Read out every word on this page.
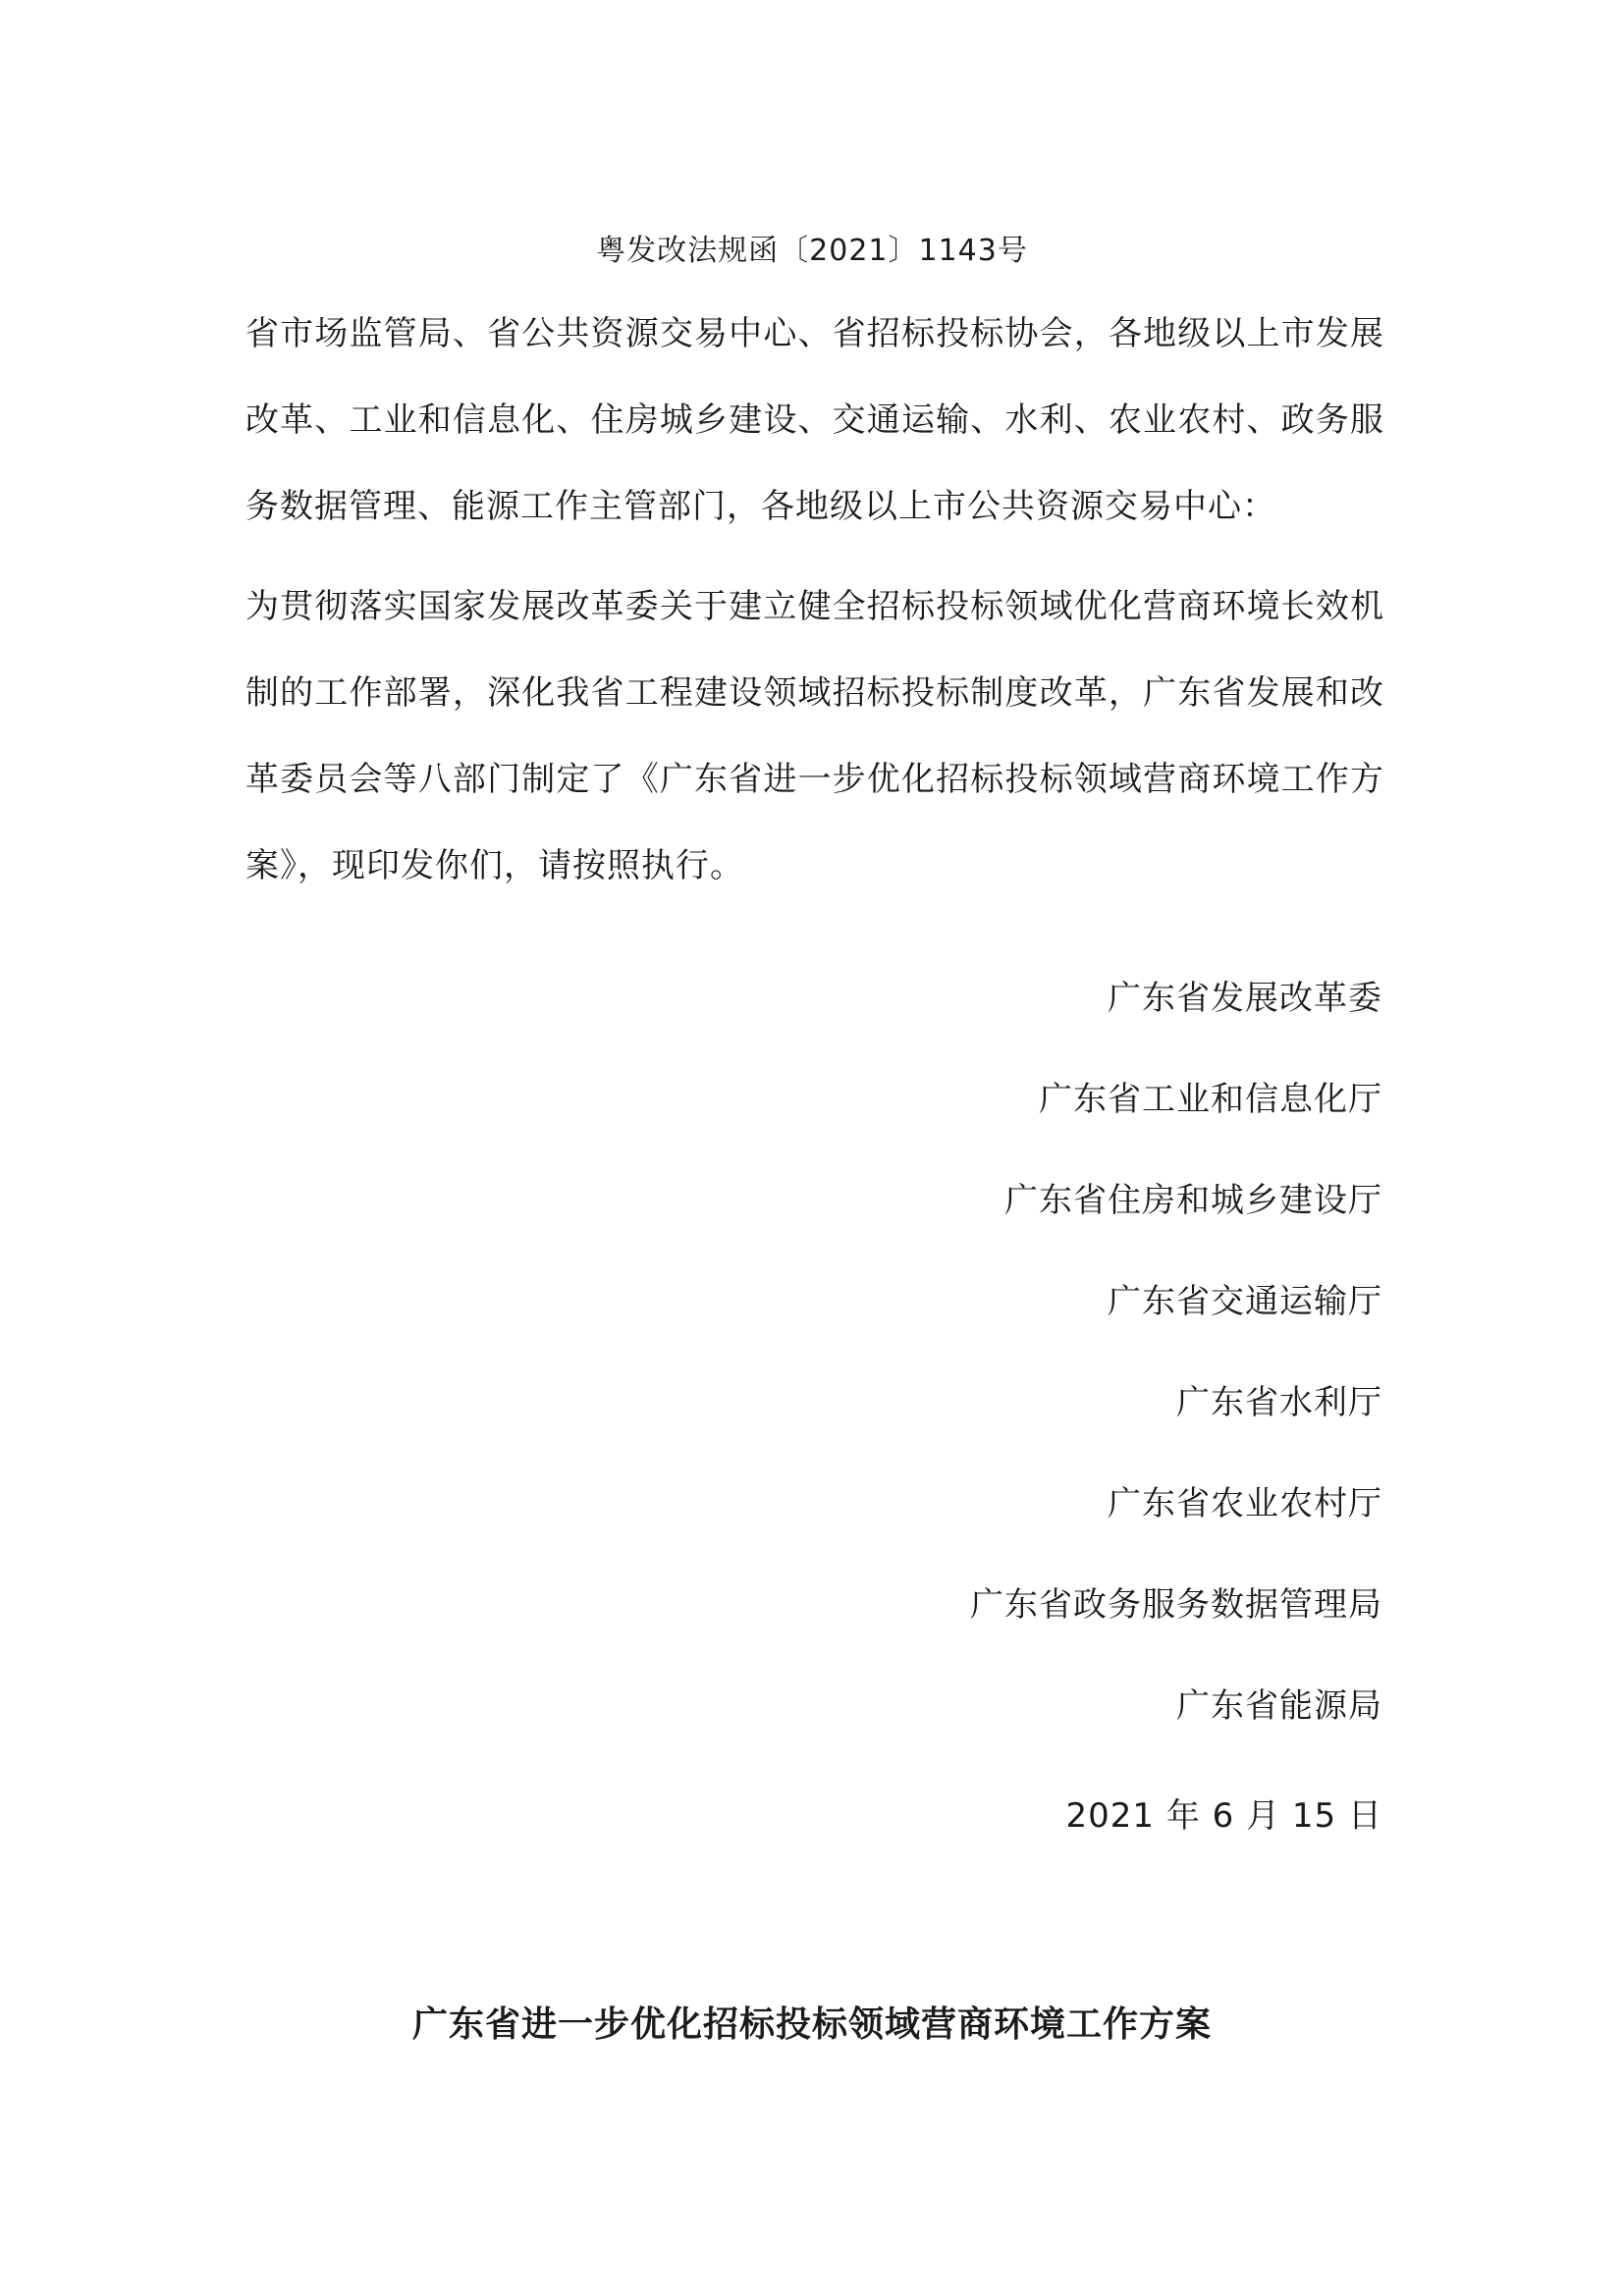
粤发改法规函〔2021〕1143号

省市场监管局、省公共资源交易中心、省招标投标协会，各地级以上市发展改革、工业和信息化、住房城乡建设、交通运输、水利、农业农村、政务服务数据管理、能源工作主管部门，各地级以上市公共资源交易中心：

为贯彻落实国家发展改革委关于建立健全招标投标领域优化营商环境长效机制的工作部署，深化我省工程建设领域招标投标制度改革，广东省发展和改革委员会等八部门制定了《广东省进一步优化招标投标领域营商环境工作方案》，现印发你们，请按照执行。

广东省发展改革委
广东省工业和信息化厅
广东省住房和城乡建设厅
广东省交通运输厅
广东省水利厅
广东省农业农村厅
广东省政务服务数据管理局
广东省能源局
2021 年 6 月 15 日
广东省进一步优化招标投标领域营商环境工作方案
